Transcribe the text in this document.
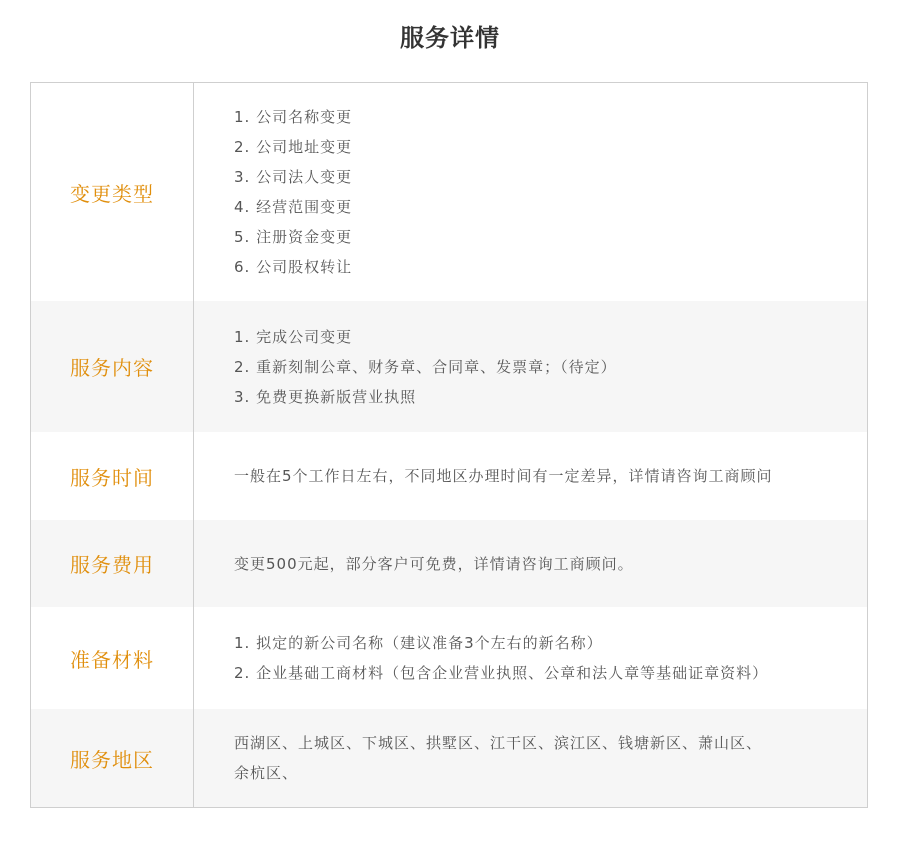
服务详情
变更类型
1. 公司名称变更
2. 公司地址变更
3. 公司法人变更
4. 经营范围变更
5. 注册资金变更
6. 公司股权转让
服务内容
1. 完成公司变更
2. 重新刻制公章、财务章、合同章、发票章；（待定）
3. 免费更换新版营业执照
服务时间	一般在5个工作日左右，不同地区办理时间有一定差异，详情请咨询工商顾问
服务费用	变更500元起，部分客户可免费，详情请咨询工商顾问。
准备材料
1. 拟定的新公司名称（建议准备3个左右的新名称）
2. 企业基础工商材料（包含企业营业执照、公章和法人章等基础证章资料）
服务地区
西湖区、上城区、下城区、拱墅区、江干区、滨江区、钱塘新区、萧山区、
余杭区、
